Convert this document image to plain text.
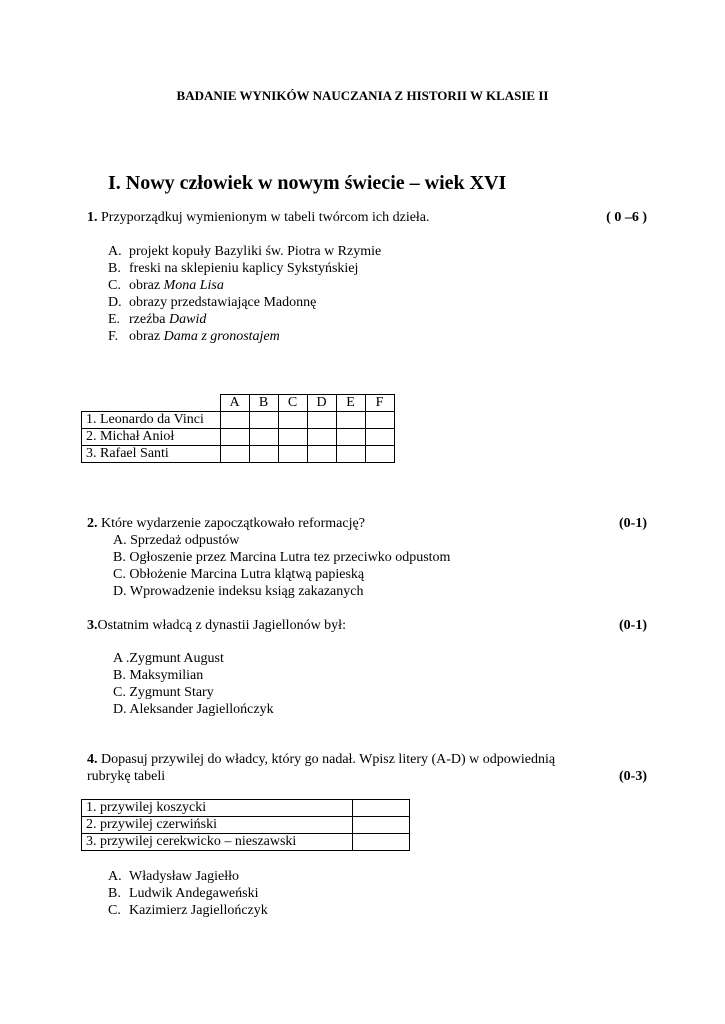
BADANIE WYNIKÓW NAUCZANIA Z HISTORII W KLASIE II
I. Nowy człowiek w nowym świecie – wiek XVI
1. Przyporządkuj wymienionym w tabeli twórcom ich dzieła.	( 0 –6 )
A. projekt kopuły Bazyliki św. Piotra w Rzymie
B. freski na sklepieniu kaplicy Sykstyńskiej
C. obraz Mona Lisa
D. obrazy przedstawiające Madonnę
E. rzeźba Dawid
F. obraz Dama z gronostajem
	A	B	C	D	E	F
1. Leonardo da Vinci						
2. Michał Anioł						
3. Rafael Santi						
2. Które wydarzenie zapoczątkowało reformację?	(0-1)
A. Sprzedaż odpustów
B. Ogłoszenie przez Marcina Lutra tez przeciwko odpustom
C. Obłożenie Marcina Lutra klątwą papieską
D. Wprowadzenie indeksu ksiąg zakazanych
3.Ostatnim władcą z dynastii Jagiellonów był:	(0-1)
A .Zygmunt August
B. Maksymilian
C. Zygmunt Stary
D. Aleksander Jagiellończyk
4. Dopasuj przywilej do władcy, który go nadał. Wpisz litery (A-D) w odpowiednią
rubrykę tabeli	(0-3)
1. przywilej koszycki	
2. przywilej czerwiński	
3. przywilej cerekwicko – nieszawski	
A. Władysław Jagiełło
B. Ludwik Andegaweński
C. Kazimierz Jagiellończyk
